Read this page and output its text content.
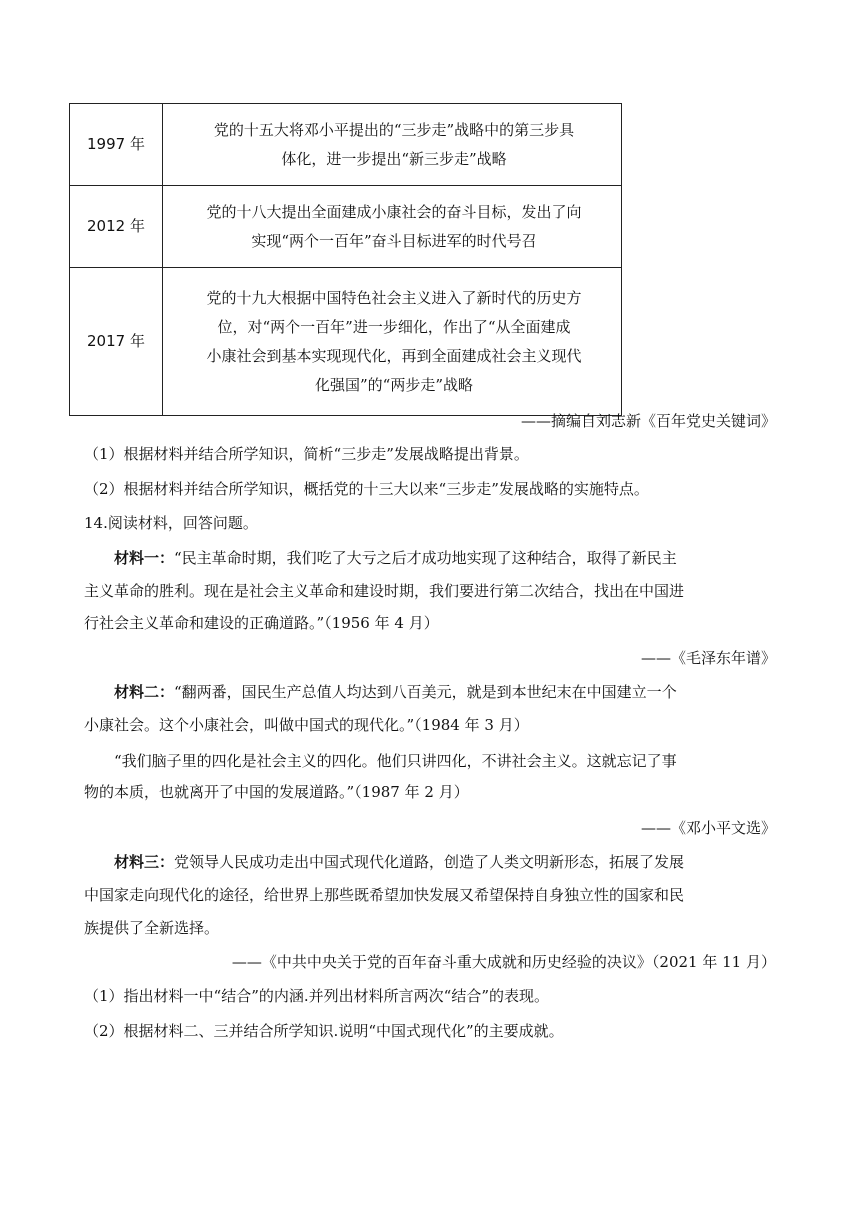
1997 年	党的十五大将邓小平提出的“三步走”战略中的第三步具
体化，进一步提出“新三步走”战略
2012 年	党的十八大提出全面建成小康社会的奋斗目标，发出了向
实现“两个一百年”奋斗目标进军的时代号召
2017 年	党的十九大根据中国特色社会主义进入了新时代的历史方
位，对“两个一百年”进一步细化，作出了“从全面建成
小康社会到基本实现现代化，再到全面建成社会主义现代
化强国”的“两步走”战略
——摘编自刘志新《百年党史关键词》
（1）根据材料并结合所学知识，简析“三步走”发展战略提出背景。
（2）根据材料并结合所学知识，概括党的十三大以来“三步走”发展战略的实施特点。
14.阅读材料，回答问题。
材料一：“民主革命时期，我们吃了大亏之后才成功地实现了这种结合，取得了新民主
主义革命的胜利。现在是社会主义革命和建设时期，我们要进行第二次结合，找出在中国进
行社会主义革命和建设的正确道路。”（1956 年 4 月）
——《毛泽东年谱》
材料二：“翻两番，国民生产总值人均达到八百美元，就是到本世纪末在中国建立一个
小康社会。这个小康社会，叫做中国式的现代化。”（1984 年 3 月）
“我们脑子里的四化是社会主义的四化。他们只讲四化，不讲社会主义。这就忘记了事
物的本质，也就离开了中国的发展道路。”（1987 年 2 月）
——《邓小平文选》
材料三：党领导人民成功走出中国式现代化道路，创造了人类文明新形态，拓展了发展
中国家走向现代化的途径，给世界上那些既希望加快发展又希望保持自身独立性的国家和民
族提供了全新选择。
——《中共中央关于党的百年奋斗重大成就和历史经验的决议》（2021 年 11 月）
（1）指出材料一中“结合”的内涵.并列出材料所言两次“结合”的表现。
（2）根据材料二、三并结合所学知识.说明“中国式现代化”的主要成就。
